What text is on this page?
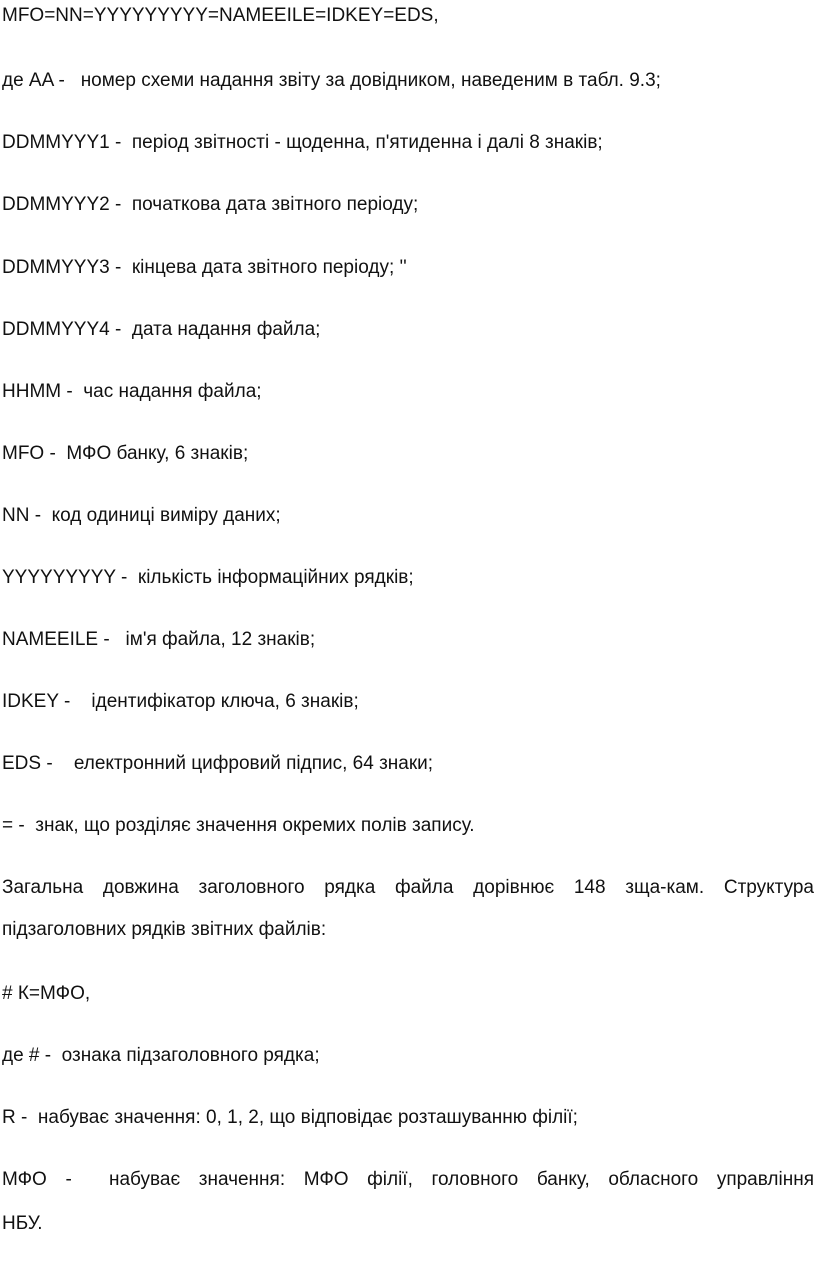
MFO=NN=YYYYYYYYY=NAMEEILE=IDKEY=EDS,
де AA -   номер схеми надання звіту за довідником, наведеним в табл. 9.3;
DDMMYYY1 -  період звітності - щоденна, п'ятиденна і далі 8 знаків;
DDMMYYY2 -  початкова дата звітного періоду;
DDMMYYY3 -  кінцева дата звітного періоду; ''
DDMMYYY4 -  дата надання файла;
HHMM -  час надання файла;
MFO -  МФО банку, 6 знаків;
NN -  код одиниці виміру даних;
YYYYYYYYY -  кількість інформаційних рядків;
NAMEEILE -   ім'я файла, 12 знаків;
IDKEY -    ідентифікатор ключа, 6 знаків;
EDS -    електронний цифровий підпис, 64 знаки;
= -  знак, що розділяє значення окремих полів запису.
Загальна довжина заголовного рядка файла дорівнює 148 зща-кам. Структура
підзаголовних рядків звітних файлів:
# К=МФО,
де # -  ознака підзаголовного рядка;
R -  набуває значення: 0, 1, 2, що відповідає розташуванню філії;
МФО -  набуває значення: МФО філії, головного банку, обласного управління
НБУ.
